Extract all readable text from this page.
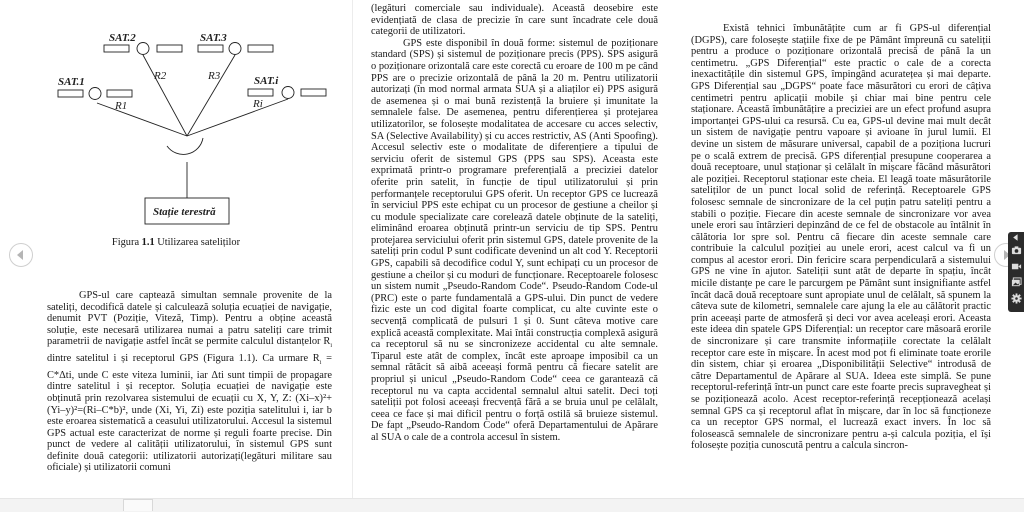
SAT.1
SAT.2	SAT.3
SAT.i
R1
R2	R3
Ri
Stație terestră
Figura 1.1 Utilizarea sateliților

GPS-ul care captează simultan semnale provenite de la sateliți, decodifică datele și calculează soluția ecuației de navigație, denumit PVT (Poziție, Viteză, Timp). Pentru a obține această soluție, este necesară utilizarea numai a patru sateliți care trimit parametrii de navigație astfel încât se permite calculul distanțelor $R_i$ dintre satelitul i și receptorul GPS (Figura 1.1). Ca urmare $R_i = C*\Delta ti$, unde C este viteza luminii, iar Δti sunt timpii de propagare dintre satelitul i și receptor. Soluția ecuației de navigație este obținută prin rezolvarea sistemului de ecuații cu X, Y, Z: (Xi–x)²+(Yi–y)²=(Ri–C*b)², unde (Xi, Yi, Zi) este poziția satelitului i, iar b este eroarea sistematică a ceasului utilizatorului. Accesul la sistemul GPS actual este caracterizat de norme și reguli foarte precise. Din punct de vedere al calității utilizatorului, în sistemul GPS sunt definite două categorii: utilizatorii autorizați(legături militare sau oficiale) și utilizatorii comuni

(legături comerciale sau individuale). Această deosebire este evidențiată de clasa de precizie în care sunt încadrate cele două categorii de utilizatori.

GPS este disponibil în două forme: sistemul de poziționare standard (SPS) și sistemul de poziționare precis (PPS). SPS asigură o poziționare orizontală care este corectă cu eroare de 100 m pe când PPS are o precizie orizontală de până la 20 m. Pentru utilizatorii autorizați (în mod normal armata SUA și a aliaților ei) PPS asigură de asemenea și o mai bună rezistență la bruiere și imunitate la semnalele false. De asemenea, pentru diferențierea și protejarea utilizatorilor, se folosește modalitatea de accesare cu acces selectiv, SA (Selective Availability) și cu acces restrictiv, AS (Anti Spoofing). Accesul selectiv este o modalitate de diferențiere a tipului de serviciu oferit de sistemul GPS (PPS sau SPS). Aceasta este exprimată printr-o programare preferențială a preciziei datelor oferite prin satelit, în funcție de tipul utilizatorului și prin performanțele receptorului GPS oferit. Un receptor GPS ce lucrează în serviciul PPS este echipat cu un procesor de gestiune a cheilor și cu module specializate care corelează datele obținute de la sateliți, eliminând eroarea obținută printr-un serviciu de tip SPS. Pentru protejarea serviciului oferit prin sistemul GPS, datele provenite de la sateliți prin codul P sunt codificate devenind un alt cod Y. Receptorii GPS, capabili să decodifice codul Y, sunt echipați cu un procesor de gestiune a cheilor și cu moduri de funcționare. Receptoarele folosesc un sistem numit „Pseudo-Random Code“. Pseudo-Random Code-ul (PRC) este o parte fundamentală a GPS-ului. Din punct de vedere fizic este un cod digital foarte complicat, cu alte cuvinte este o secvență complicată de pulsuri 1 și 0. Sunt câteva motive care explică această complexitate. Mai întâi construcția complexă asigură ca receptorul să nu se sincronizeze accidental cu alte semnale. Tiparul este atât de complex, încât este aproape imposibil ca un semnal rătăcit să aibă aceeași formă pentru că fiecare satelit are propriul și unicul „Pseudo-Random Code“ ceea ce garantează că receptorul nu va capta accidental semnalul altui satelit. Deci toți sateliții pot folosi aceeași frecvență fără a se bruia unul pe celălalt, ceea ce face și mai dificil pentru o forță ostilă să bruieze sistemul. De fapt „Pseudo-Random Code“ oferă Departamentului de Apărare al SUA o cale de a controla accesul în sistem.

Există tehnici îmbunătățite cum ar fi GPS-ul diferențial (DGPS), care folosește stațiile fixe de pe Pământ împreună cu sateliții pentru a produce o poziționare orizontală precisă de până la un centimetru. „GPS Diferențial“ este practic o cale de a corecta inexactitățile din sistemul GPS, împingând acuratețea și mai departe. GPS Diferențial sau „DGPS“ poate face măsurători cu erori de câțiva centimetri pentru aplicații mobile și chiar mai bine pentru cele staționare. Această îmbunătățire a preciziei are un efect profund asupra importanței GPS-ului ca resursă. Cu ea, GPS-ul devine mai mult decât un sistem de navigație pentru vapoare și avioane în jurul lumii. El devine un sistem de măsurare universal, capabil de a poziționa lucruri pe o scală extrem de precisă. GPS diferențial presupune cooperarea a două receptoare, unul staționar și celălalt în mișcare făcând măsurători ale poziției. Receptorul staționar este cheia. El leagă toate măsurătorile sateliților de un punct local solid de referință. Receptoarele GPS folosesc semnale de sincronizare de la cel puțin patru sateliți pentru a stabili o poziție. Fiecare din aceste semnale de sincronizare vor avea unele erori sau întârzieri depinzând de ce fel de obstacole au întâlnit în călătoria lor spre sol. Pentru că fiecare din aceste semnale care contribuie la calculul poziției au unele erori, acest calcul va fi un compus al acestor erori. Din fericire scara perpendiculară a sistemului GPS ne vine în ajutor. Sateliții sunt atât de departe în spațiu, încât micile distanțe pe care le parcurgem pe Pământ sunt insignifiante astfel încât dacă două receptoare sunt apropiate unul de celălalt, să spunem la câteva sute de kilometri, semnalele care ajung la ele au călătorit practic prin aceeași parte de atmosferă și deci vor avea aceleași erori. Aceasta este ideea din spatele GPS Diferențial: un receptor care măsoară erorile de sincronizare și care transmite informațiile corectate la celălalt receptor care este în mișcare. În acest mod pot fi eliminate toate erorile din sistem, chiar și eroarea „Disponibilității Selective“ introdusă de către Departamentul de Apărare al SUA. Ideea este simplă. Se pune receptorul-referință într-un punct care este foarte precis supravegheat și se poziționează acolo. Acest receptor-referință recepționează același semnal GPS ca și receptorul aflat în mișcare, dar în loc să funcționeze ca un receptor GPS normal, el lucrează exact invers. În loc să folosească semnalele de sincronizare pentru a-și calcula poziția, el își folosește poziția cunoscută pentru a calcula sincron-
